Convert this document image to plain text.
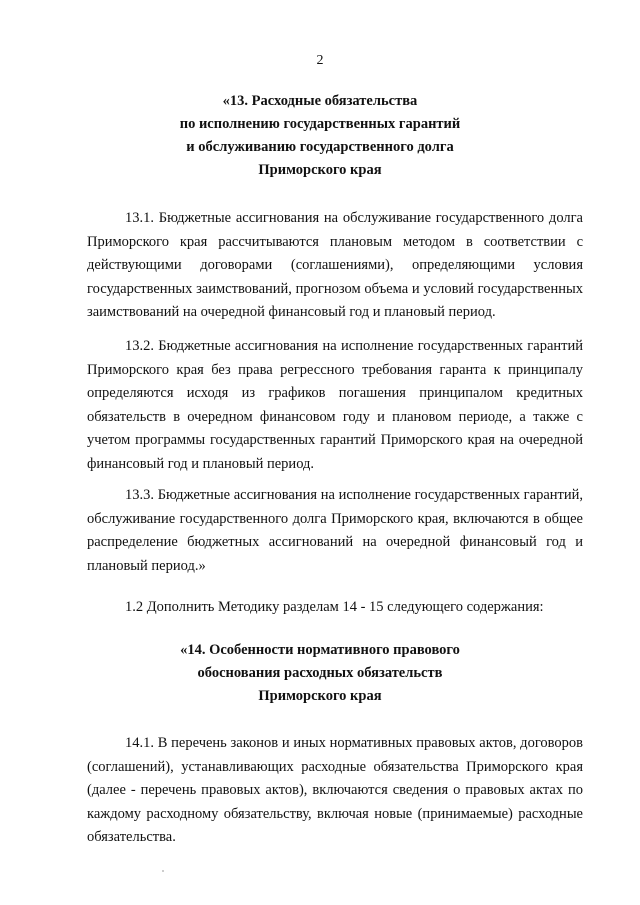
2
«13. Расходные обязательства
по исполнению государственных гарантий
и обслуживанию государственного долга
Приморского края
13.1. Бюджетные ассигнования на обслуживание государственного долга
Приморского края рассчитываются плановым методом в соответствии с
действующими договорами (соглашениями), определяющими условия
государственных заимствований, прогнозом объема и условий государственных
заимствований на очередной финансовый год и плановый период.
13.2. Бюджетные ассигнования на исполнение государственных гарантий
Приморского края без права регрессного требования гаранта к принципалу
определяются исходя из графиков погашения принципалом кредитных
обязательств в очередном финансовом году и плановом периоде, а также с
учетом программы государственных гарантий Приморского края на очередной
финансовый год и плановый период.
13.3. Бюджетные ассигнования на исполнение государственных гарантий,
обслуживание государственного долга Приморского края, включаются в общее
распределение бюджетных ассигнований на очередной финансовый год и
плановый период.»
1.2 Дополнить Методику разделам 14 - 15 следующего содержания:
«14. Особенности нормативного правового
обоснования расходных обязательств
Приморского края
14.1. В перечень законов и иных нормативных правовых актов, договоров
(соглашений), устанавливающих расходные обязательства Приморского края
(далее - перечень правовых актов), включаются сведения о правовых актах по
каждому расходному обязательству, включая новые (принимаемые) расходные
обязательства.
